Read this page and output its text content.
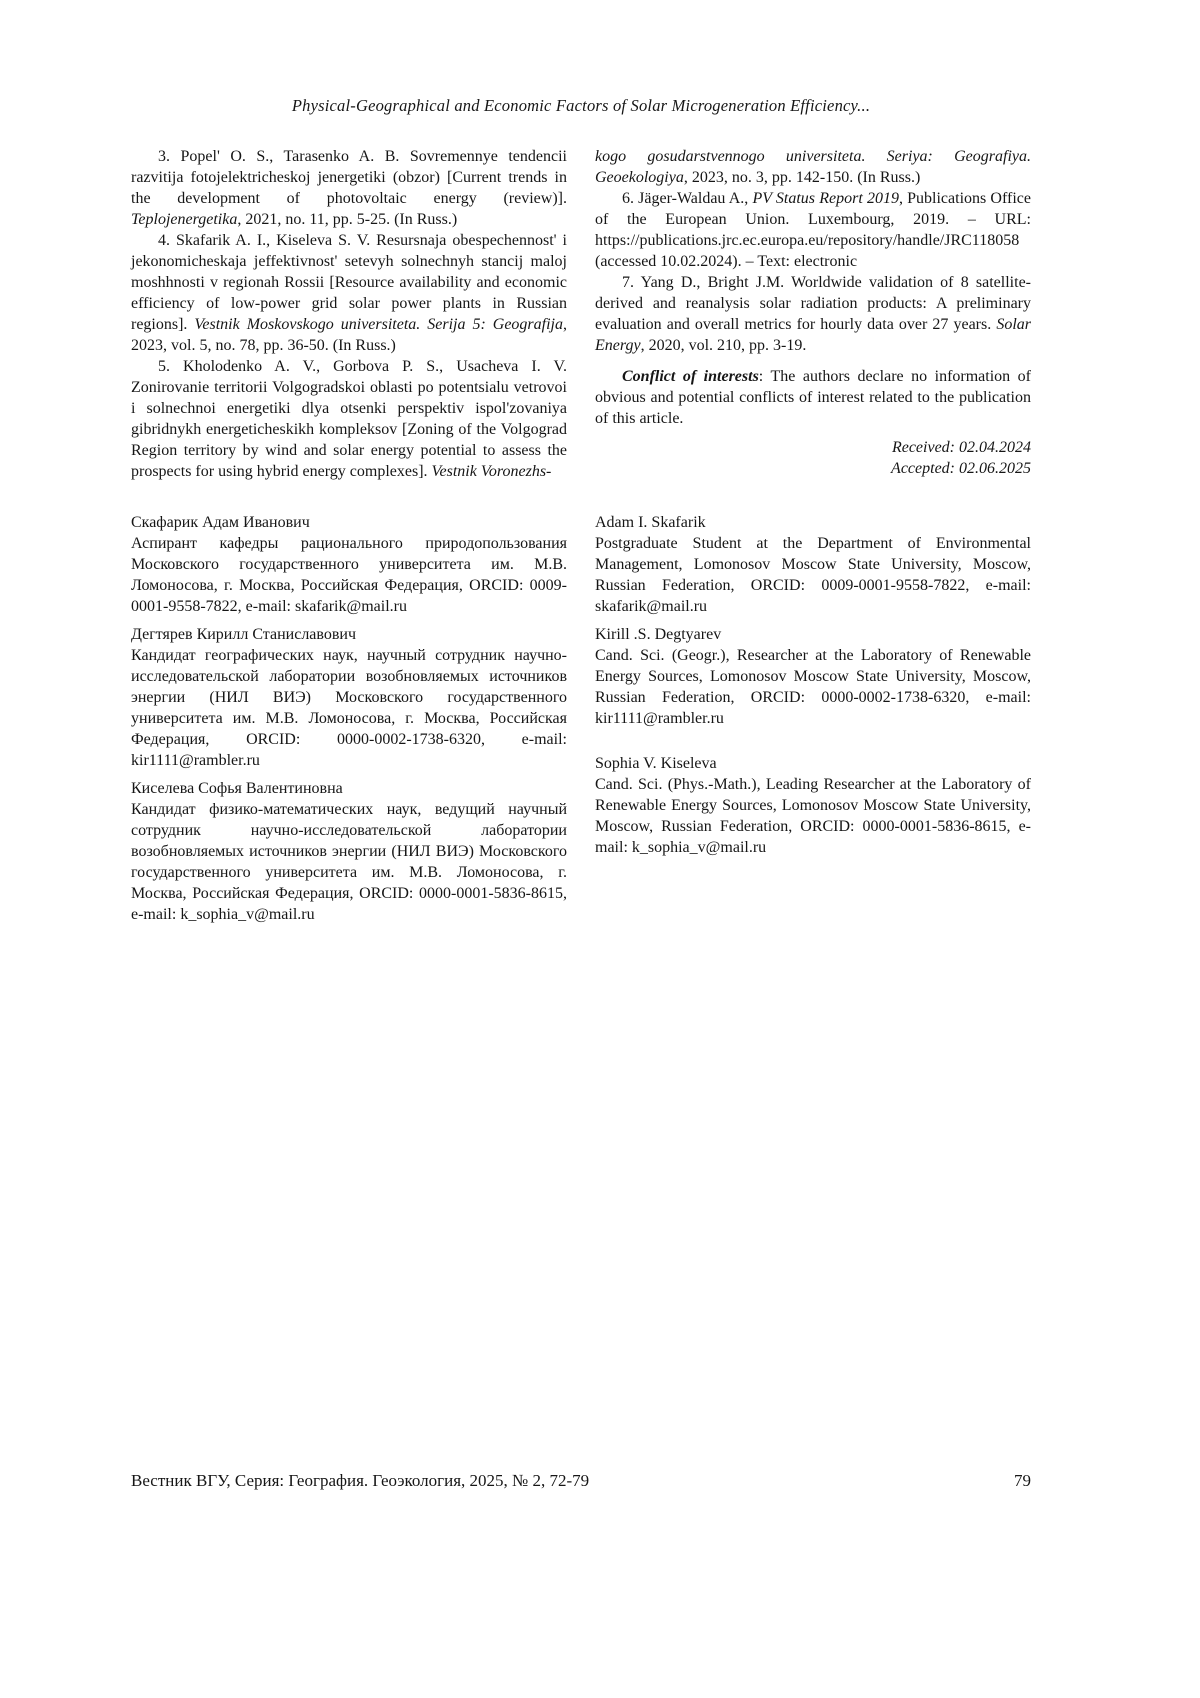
Physical-Geographical and Economic Factors of Solar Microgeneration Efficiency...

3. Popel' O. S., Tarasenko A. B. Sovremennye tendencii razvitija fotojelektricheskoj jenergetiki (obzor) [Current trends in the development of photovoltaic energy (review)]. Teplojenergetika, 2021, no. 11, pp. 5-25. (In Russ.)

4. Skafarik A. I., Kiseleva S. V. Resursnaja obespechennost' i jekonomicheskaja jeffektivnost' setevyh solnechnyh stancij maloj moshhnosti v regionah Rossii [Resource availability and economic efficiency of low-power grid solar power plants in Russian regions]. Vestnik Moskovskogo universiteta. Serija 5: Geografija, 2023, vol. 5, no. 78, pp. 36-50. (In Russ.)

5. Kholodenko A. V., Gorbova P. S., Usacheva I. V. Zonirovanie territorii Volgogradskoi oblasti po potentsialu vetrovoi i solnechnoi energetiki dlya otsenki perspektiv ispol'zovaniya gibridnykh energeticheskikh kompleksov [Zoning of the Volgograd Region territory by wind and solar energy potential to assess the prospects for using hybrid energy complexes]. Vestnik Voronezhs-

kogo gosudarstvennogo universiteta. Seriya: Geografiya. Geoekologiya, 2023, no. 3, pp. 142-150. (In Russ.)

6. Jäger-Waldau A., PV Status Report 2019, Publications Office of the European Union. Luxembourg, 2019. – URL: https://publications.jrc.ec.europa.eu/repository/handle/JRC118058 (accessed 10.02.2024). – Text: electronic

7. Yang D., Bright J.M. Worldwide validation of 8 satellite-derived and reanalysis solar radiation products: A preliminary evaluation and overall metrics for hourly data over 27 years. Solar Energy, 2020, vol. 210, pp. 3-19.

Conflict of interests: The authors declare no information of obvious and potential conflicts of interest related to the publication of this article.

Received: 02.04.2024
Accepted: 02.06.2025
Скафарик Адам Иванович
Аспирант кафедры рационального природопользования Московского государственного университета им. М.В. Ломоносова, г. Москва, Российская Федерация, ORCID: 0009-0001-9558-7822, e-mail: skafarik@mail.ru
Дегтярев Кирилл Станиславович
Кандидат географических наук, научный сотрудник научно-исследовательской лаборатории возобновляемых источников энергии (НИЛ ВИЭ) Московского государственного университета им. М.В. Ломоносова, г. Москва, Российская Федерация, ORCID: 0000-0002-1738-6320, e-mail: kir1111@rambler.ru
Киселева Софья Валентиновна
Кандидат физико-математических наук, ведущий научный сотрудник научно-исследовательской лаборатории возобновляемых источников энергии (НИЛ ВИЭ) Московского государственного университета им. М.В. Ломоносова, г. Москва, Российская Федерация, ORCID: 0000-0001-5836-8615, e-mail: k_sophia_v@mail.ru
Adam I. Skafarik
Postgraduate Student at the Department of Environmental Management, Lomonosov Moscow State University, Moscow, Russian Federation, ORCID: 0009-0001-9558-7822, e-mail: skafarik@mail.ru
Kirill .S. Degtyarev
Cand. Sci. (Geogr.), Researcher at the Laboratory of Renewable Energy Sources, Lomonosov Moscow State University, Moscow, Russian Federation, ORCID: 0000-0002-1738-6320, e-mail: kir1111@rambler.ru
Sophia V. Kiseleva
Cand. Sci. (Phys.-Math.), Leading Researcher at the Laboratory of Renewable Energy Sources, Lomonosov Moscow State University, Moscow, Russian Federation, ORCID: 0000-0001-5836-8615, e-mail: k_sophia_v@mail.ru
Вестник ВГУ, Серия: География. Геоэкология, 2025, № 2, 72-79	79
